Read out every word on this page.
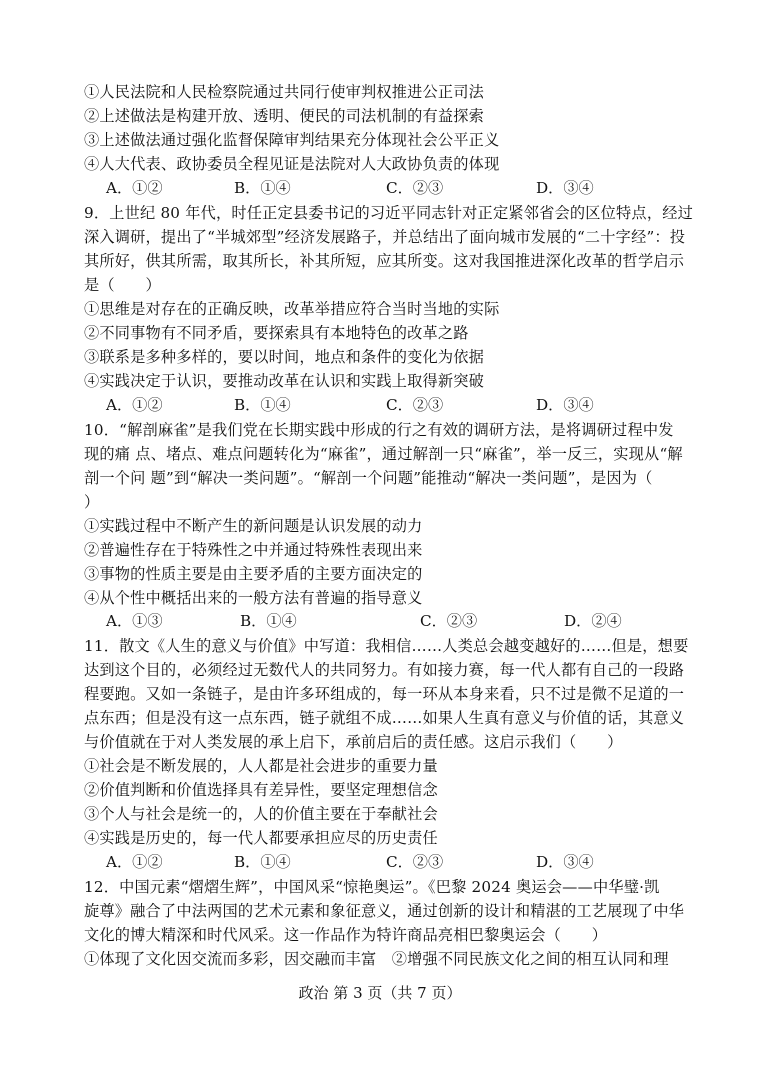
①人民法院和人民检察院通过共同行使审判权推进公正司法
②上述做法是构建开放、透明、便民的司法机制的有益探索
③上述做法通过强化监督保障审判结果充分体现社会公平正义
④人大代表、政协委员全程见证是法院对人大政协负责的体现
A．①②	B．①④	C．②③	D．③④
9．上世纪 80 年代，时任正定县委书记的习近平同志针对正定紧邻省会的区位特点，经过
深入调研，提出了“半城郊型”经济发展路子，并总结出了面向城市发展的“二十字经”：投
其所好，供其所需，取其所长，补其所短，应其所变。这对我国推进深化改革的哲学启示
是（　　）
①思维是对存在的正确反映，改革举措应符合当时当地的实际
②不同事物有不同矛盾，要探索具有本地特色的改革之路
③联系是多种多样的，要以时间，地点和条件的变化为依据
④实践决定于认识，要推动改革在认识和实践上取得新突破
A．①②	B．①④	C．②③	D．③④
10．“解剖麻雀”是我们党在长期实践中形成的行之有效的调研方法，是将调研过程中发
现的痛 点、堵点、难点问题转化为“麻雀”，通过解剖一只“麻雀”，举一反三，实现从“解
剖一个问 题”到“解决一类问题”。“解剖一个问题”能推动“解决一类问题”，是因为（
）
①实践过程中不断产生的新问题是认识发展的动力
②普遍性存在于特殊性之中并通过特殊性表现出来
③事物的性质主要是由主要矛盾的主要方面决定的
④从个性中概括出来的一般方法有普遍的指导意义
A．①③	B．①④	C．②③	D．②④
11．散文《人生的意义与价值》中写道：我相信……人类总会越变越好的……但是，想要
达到这个目的，必须经过无数代人的共同努力。有如接力赛，每一代人都有自己的一段路
程要跑。又如一条链子，是由许多环组成的，每一环从本身来看，只不过是微不足道的一
点东西；但是没有这一点东西，链子就组不成……如果人生真有意义与价值的话，其意义
与价值就在于对人类发展的承上启下，承前启后的责任感。这启示我们（　　）
①社会是不断发展的，人人都是社会进步的重要力量
②价值判断和价值选择具有差异性，要坚定理想信念
③个人与社会是统一的，人的价值主要在于奉献社会
④实践是历史的，每一代人都要承担应尽的历史责任
A．①②	B．①④	C．②③	D．③④
12．中国元素“熠熠生辉”，中国风采“惊艳奥运”。《巴黎 2024 奥运会——中华璧·凯
旋尊》融合了中法两国的艺术元素和象征意义，通过创新的设计和精湛的工艺展现了中华
文化的博大精深和时代风采。这一作品作为特许商品亮相巴黎奥运会（　　）
①体现了文化因交流而多彩，因交融而丰富　②增强不同民族文化之间的相互认同和理
政治 第 3 页（共 7 页）
